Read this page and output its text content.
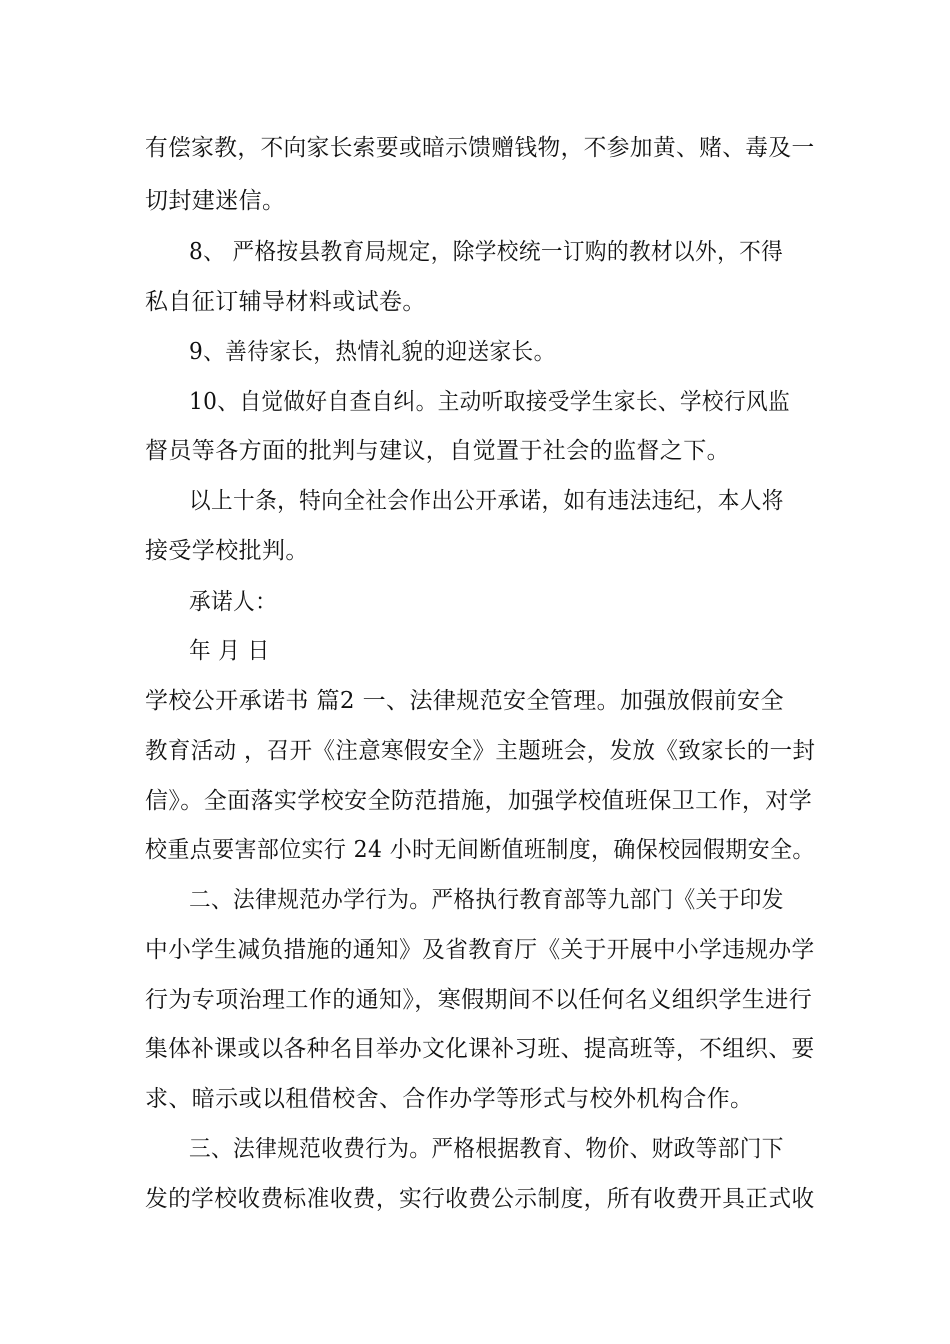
有偿家教，不向家长索要或暗示馈赠钱物，不参加黄、赌、毒及一
切封建迷信。
8、 严格按县教育局规定，除学校统一订购的教材以外，不得
私自征订辅导材料或试卷。
9、善待家长，热情礼貌的迎送家长。
10、自觉做好自查自纠。主动听取接受学生家长、学校行风监
督员等各方面的批判与建议，自觉置于社会的监督之下。
以上十条，特向全社会作出公开承诺，如有违法违纪，本人将
接受学校批判。
承诺人：
年 月 日
学校公开承诺书 篇2 一、法律规范安全管理。加强放假前安全
教育活动 ，召开《注意寒假安全》主题班会，发放《致家长的一封
信》。全面落实学校安全防范措施，加强学校值班保卫工作，对学
校重点要害部位实行 24 小时无间断值班制度，确保校园假期安全。
二、法律规范办学行为。严格执行教育部等九部门《关于印发
中小学生减负措施的通知》及省教育厅《关于开展中小学违规办学
行为专项治理工作的通知》，寒假期间不以任何名义组织学生进行
集体补课或以各种名目举办文化课补习班、提高班等，不组织、要
求、暗示或以租借校舍、合作办学等形式与校外机构合作。
三、法律规范收费行为。严格根据教育、物价、财政等部门下
发的学校收费标准收费，实行收费公示制度，所有收费开具正式收
